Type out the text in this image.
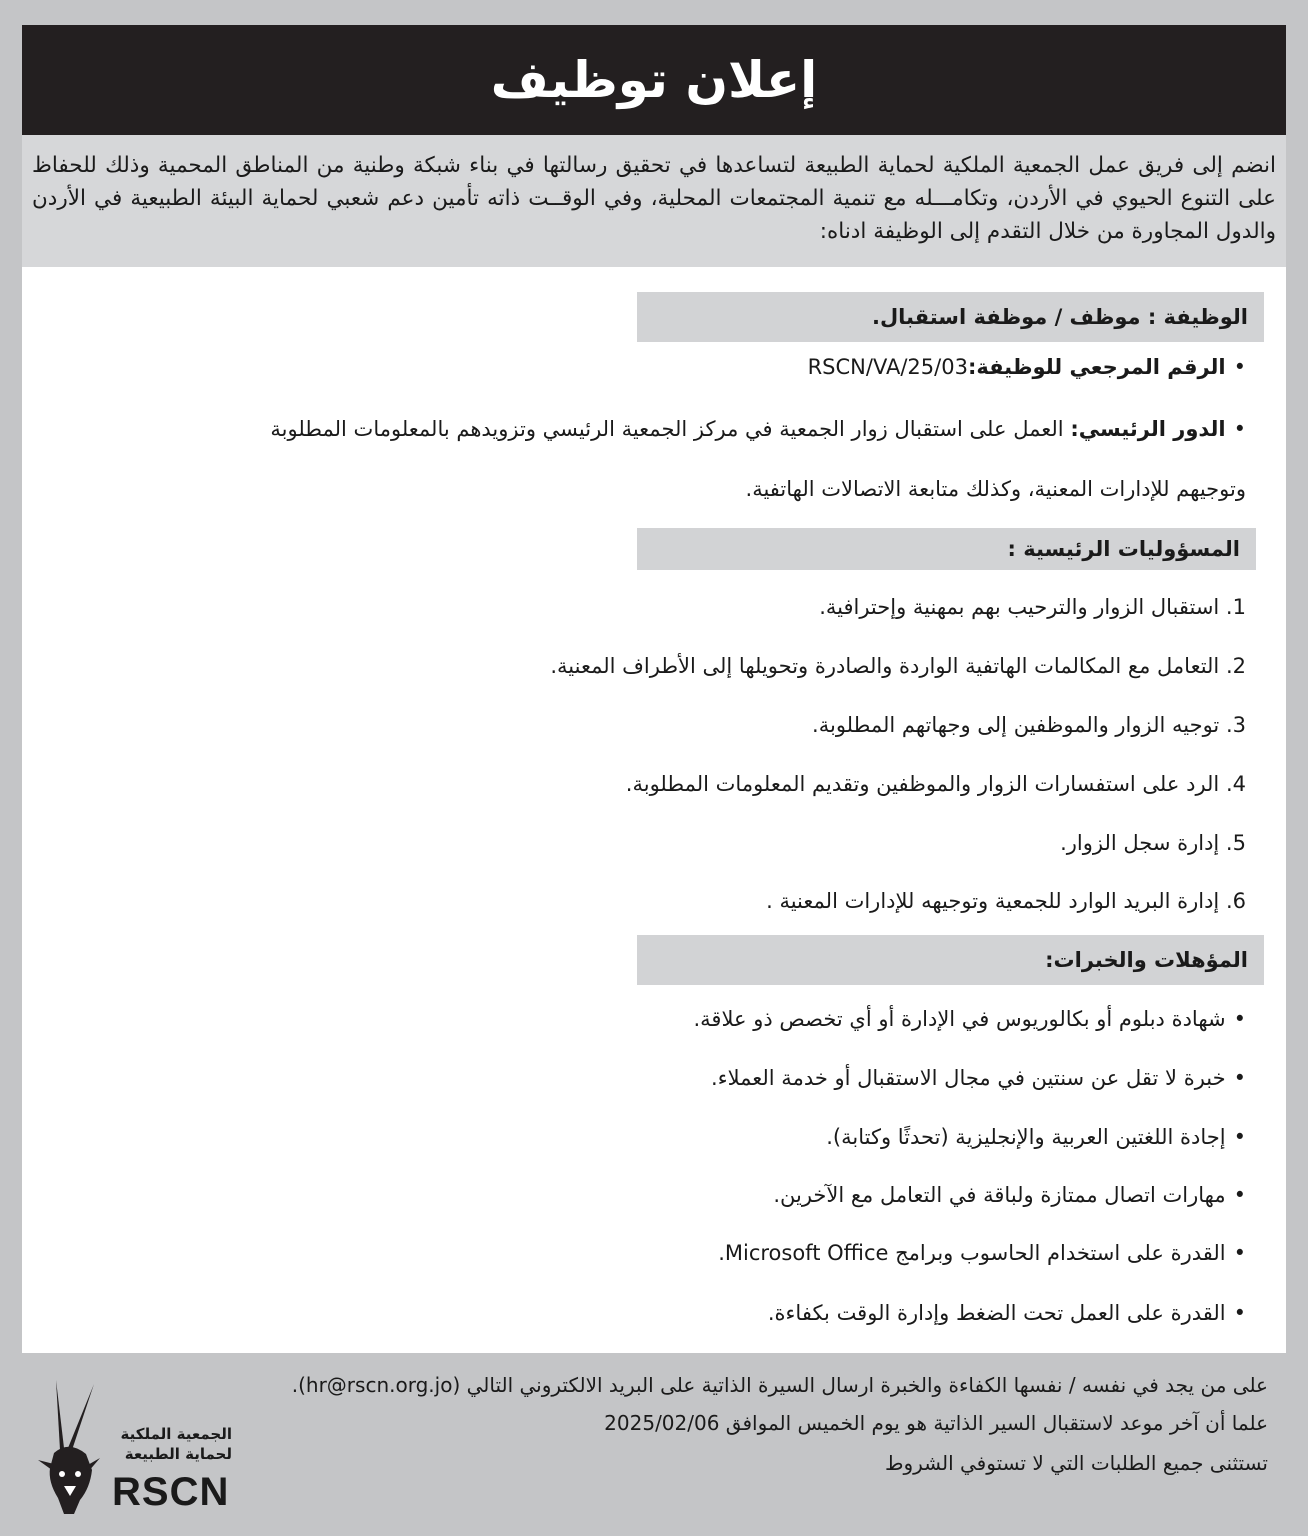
إعلان توظيف
انضم إلى فريق عمل الجمعية الملكية لحماية الطبيعة لتساعدها في تحقيق رسالتها في بناء شبكة وطنية من المناطق المحمية وذلك للحفاظ على التنوع الحيوي في الأردن، وتكامـــله مع تنمية المجتمعات المحلية، وفي الوقــت ذاته تأمين دعم شعبي لحماية البيئة الطبيعية في الأردن والدول المجاورة من خلال التقدم إلى الوظيفة ادناه:
الوظيفة : موظف / موظفة استقبال.
•الرقم المرجعي للوظيفة:RSCN/VA/25/03
•الدور الرئيسي: العمل على استقبال زوار الجمعية في مركز الجمعية الرئيسي وتزويدهم بالمعلومات المطلوبة
وتوجيهم للإدارات المعنية، وكذلك متابعة الاتصالات الهاتفية.
المسؤوليات الرئيسية :
1. استقبال الزوار والترحيب بهم بمهنية وإحترافية.
2. التعامل مع المكالمات الهاتفية الواردة والصادرة وتحويلها إلى الأطراف المعنية.
3. توجيه الزوار والموظفين إلى وجهاتهم المطلوبة.
4. الرد على استفسارات الزوار والموظفين وتقديم المعلومات المطلوبة.
5. إدارة سجل الزوار.
6. إدارة البريد الوارد للجمعية وتوجيهه للإدارات المعنية .
المؤهلات والخبرات:
•شهادة دبلوم أو بكالوريوس في الإدارة أو أي تخصص ذو علاقة.
•خبرة لا تقل عن سنتين في مجال الاستقبال أو خدمة العملاء.
•إجادة اللغتين العربية والإنجليزية (تحدثًا وكتابة).
•مهارات اتصال ممتازة ولباقة في التعامل مع الآخرين.
•القدرة على استخدام الحاسوب وبرامج Microsoft Office.
•القدرة على العمل تحت الضغط وإدارة الوقت بكفاءة.
على من يجد في نفسه / نفسها الكفاءة والخبرة ارسال السيرة الذاتية على البريد الالكتروني التالي (hr@rscn.org.jo).
علما أن آخر موعد لاستقبال السير الذاتية هو يوم الخميس الموافق 2025/02/06
تستثنى جميع الطلبات التي لا تستوفي الشروط
الجمعية الملكية
لحماية الطبيعة
RSCN
